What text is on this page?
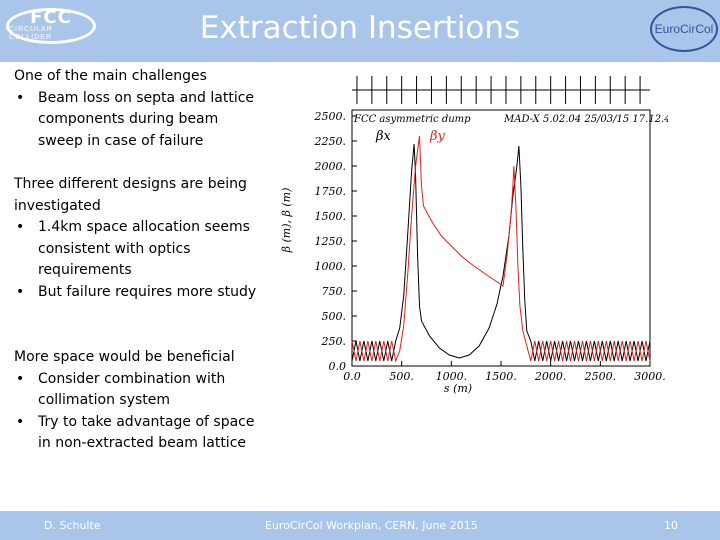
FCC
CIRCULAR COLLIDER	Extraction Insertions	EuroCirCol
One of the main challenges
• Beam loss on septa and lattice components during beam sweep in case of failure
Three different designs are being investigated
• 1.4km space allocation seems consistent with optics requirements
• But failure requires more study
More space would be beneficial
• Consider combination with collimation system
• Try to take advantage of space in non-extracted beam lattice
FCC asymmetric dump	MAD-X 5.02.04 25/03/15 17.12.46
β (m), β (m)
s (m)
0.0
250.
500.
750.
1000.
1250.
1500.
1750.
2000.
2250.
2500.
0.0	500. 1000. 1500. 2000. 2500. 3000.
βx	βy
D. Schulte	EuroCirCol Workplan, CERN, June 2015	10
